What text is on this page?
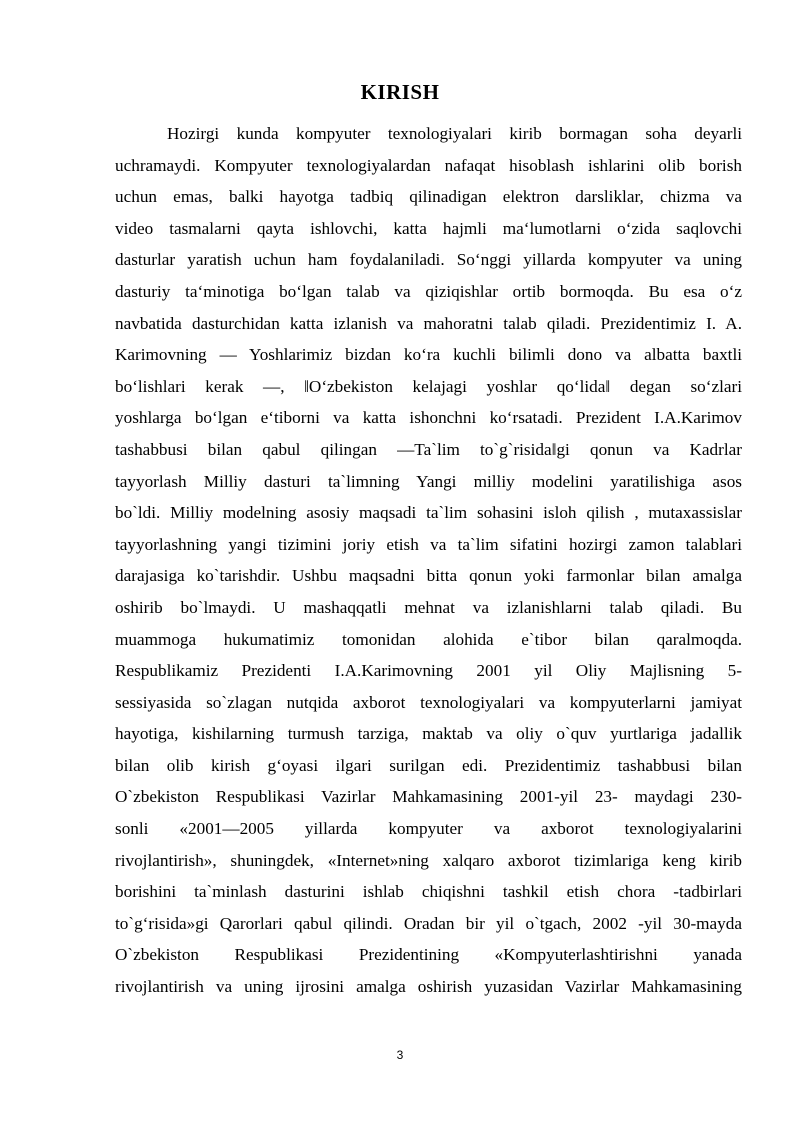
KIRISH
Hozirgi kunda kompyuter texnologiyalari kirib bormagan soha deyarli
uchramaydi. Kompyuter texnologiyalardan nafaqat hisoblash ishlarini olib borish
uchun emas, balki hayotga tadbiq qilinadigan elektron darsliklar, chizma va
video tasmalarni qayta ishlovchi, katta hajmli ma‘lumotlarni o‘zida saqlovchi
dasturlar yaratish uchun ham foydalaniladi. So‘nggi yillarda kompyuter va uning
dasturiy ta‘minotiga bo‘lgan talab va qiziqishlar ortib bormoqda. Bu esa o‘z
navbatida dasturchidan katta izlanish va mahoratni talab qiladi. Prezidentimiz I. A.
Karimovning — Yoshlarimiz bizdan ko‘ra kuchli bilimli dono va albatta baxtli
bo‘lishlari kerak —, ‖O‘zbekiston kelajagi yoshlar qo‘lida‖ degan so‘zlari
yoshlarga bo‘lgan e‘tiborni va katta ishonchni ko‘rsatadi. Prezident I.A.Karimov
tashabbusi bilan qabul qilingan —Ta`lim to`g`risida‖gi qonun va Kadrlar
tayyorlash Milliy dasturi ta`limning Yangi milliy modelini yaratilishiga asos
bo`ldi. Milliy modelning asosiy maqsadi ta`lim sohasini isloh qilish , mutaxassislar
tayyorlashning yangi tizimini joriy etish va ta`lim sifatini hozirgi zamon talablari
darajasiga ko`tarishdir. Ushbu maqsadni bitta qonun yoki farmonlar bilan amalga
oshirib bo`lmaydi. U mashaqqatli mehnat va izlanishlarni talab qiladi. Bu
muammoga hukumatimiz tomonidan alohida e`tibor bilan qaralmoqda.
Respublikamiz Prezidenti I.A.Karimovning 2001 yil Oliy Majlisning 5-
sessiyasida so`zlagan nutqida axborot texnologiyalari va kompyuterlarni jamiyat
hayotiga, kishilarning turmush tarziga, maktab va oliy o`quv yurtlariga jadallik
bilan olib kirish g‘oyasi ilgari surilgan edi. Prezidentimiz tashabbusi bilan
O`zbekiston Respublikasi Vazirlar Mahkamasining 2001-yil 23- maydagi 230-
sonli «2001—2005 yillarda kompyuter va axborot texnologiyalarini
rivojlantirish», shuningdek, «Internet»ning xalqaro axborot tizimlariga keng kirib
borishini ta`minlash dasturini ishlab chiqishni tashkil etish chora -tadbirlari
to`g‘risida»gi Qarorlari qabul qilindi. Oradan bir yil o`tgach, 2002 -yil 30-mayda
O`zbekiston Respublikasi Prezidentining «Kompyuterlashtirishni yanada
rivojlantirish va uning ijrosini amalga oshirish yuzasidan Vazirlar Mahkamasining
3
